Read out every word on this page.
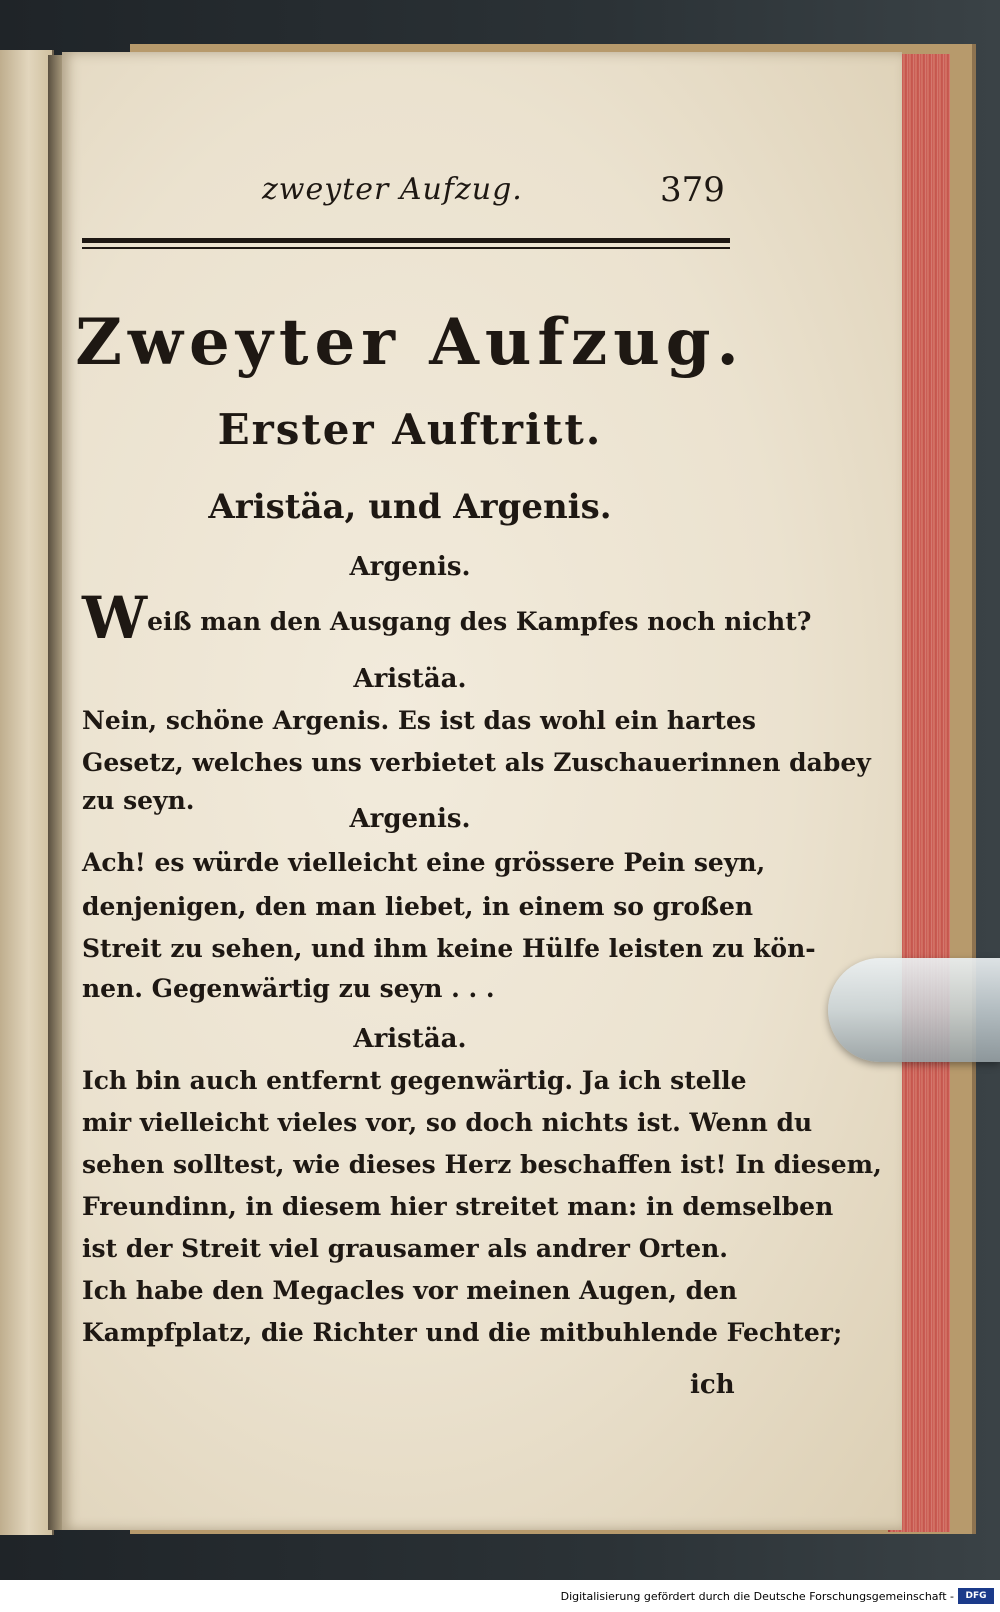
zweyter Aufzug.	379
Zweyter Aufzug.
Erster Auftritt.
Aristäa, und Argenis.
Argenis.
Weiß man den Ausgang des Kampfes noch nicht?
Aristäa.
Nein, schöne Argenis. Es ist das wohl ein hartes
Gesetz, welches uns verbietet als Zuschauerinnen dabey
zu seyn.
Argenis.
Ach! es würde vielleicht eine grössere Pein seyn,
denjenigen, den man liebet, in einem so großen
Streit zu sehen, und ihm keine Hülfe leisten zu kön-
nen. Gegenwärtig zu seyn . . .
Aristäa.
Ich bin auch entfernt gegenwärtig. Ja ich stelle
mir vielleicht vieles vor, so doch nichts ist. Wenn du
sehen solltest, wie dieses Herz beschaffen ist! In diesem,
Freundinn, in diesem hier streitet man: in demselben
ist der Streit viel grausamer als andrer Orten.
Ich habe den Megacles vor meinen Augen, den
Kampfplatz, die Richter und die mitbuhlende Fechter;
ich
Digitalisierung gefördert durch die Deutsche Forschungsgemeinschaft -	DFG
